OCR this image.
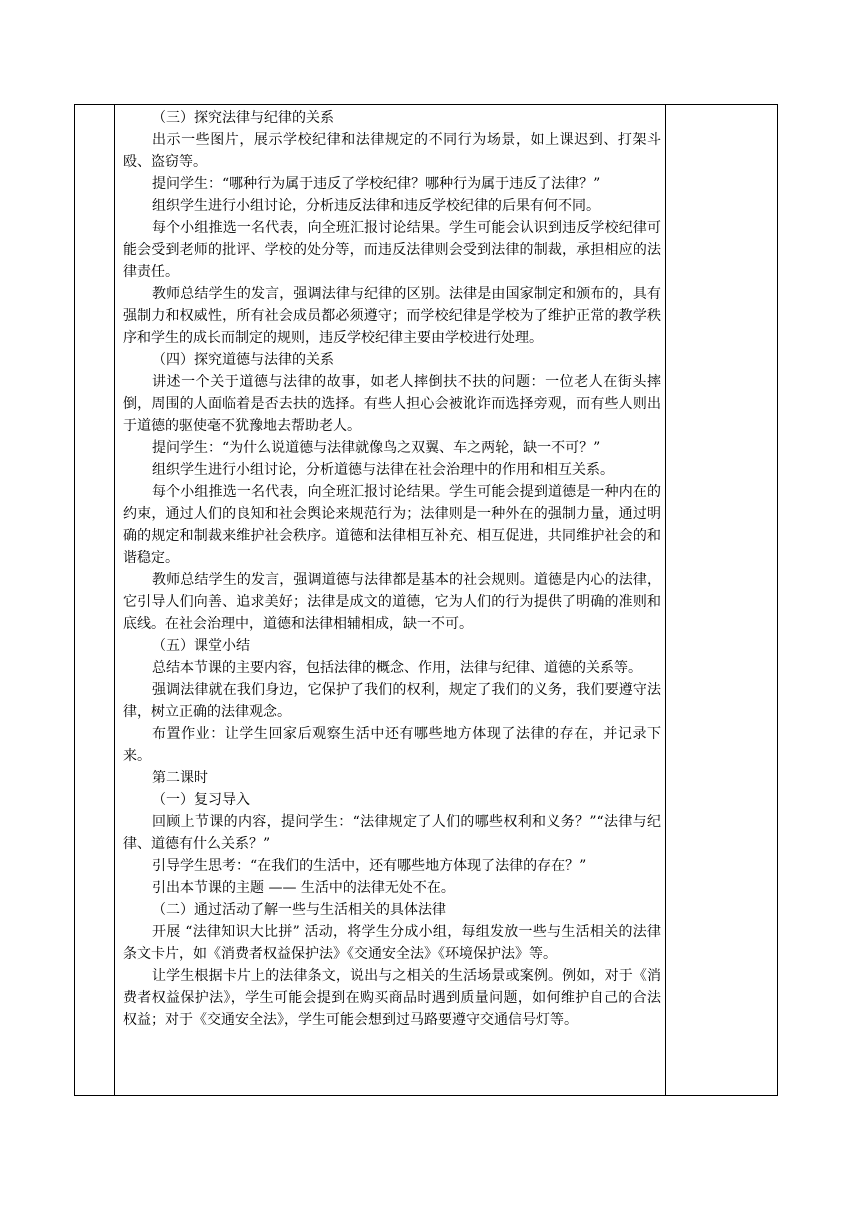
（三）探究法律与纪律的关系

出示一些图片，展示学校纪律和法律规定的不同行为场景，如上课迟到、打架斗殴、盗窃等。

提问学生：“哪种行为属于违反了学校纪律？哪种行为属于违反了法律？”

组织学生进行小组讨论，分析违反法律和违反学校纪律的后果有何不同。

每个小组推选一名代表，向全班汇报讨论结果。学生可能会认识到违反学校纪律可能会受到老师的批评、学校的处分等，而违反法律则会受到法律的制裁，承担相应的法律责任。

教师总结学生的发言，强调法律与纪律的区别。法律是由国家制定和颁布的，具有强制力和权威性，所有社会成员都必须遵守；而学校纪律是学校为了维护正常的教学秩序和学生的成长而制定的规则，违反学校纪律主要由学校进行处理。

（四）探究道德与法律的关系

讲述一个关于道德与法律的故事，如老人摔倒扶不扶的问题：一位老人在街头摔倒，周围的人面临着是否去扶的选择。有些人担心会被讹诈而选择旁观，而有些人则出于道德的驱使毫不犹豫地去帮助老人。

提问学生：“为什么说道德与法律就像鸟之双翼、车之两轮，缺一不可？”

组织学生进行小组讨论，分析道德与法律在社会治理中的作用和相互关系。

每个小组推选一名代表，向全班汇报讨论结果。学生可能会提到道德是一种内在的约束，通过人们的良知和社会舆论来规范行为；法律则是一种外在的强制力量，通过明确的规定和制裁来维护社会秩序。道德和法律相互补充、相互促进，共同维护社会的和谐稳定。

教师总结学生的发言，强调道德与法律都是基本的社会规则。道德是内心的法律，它引导人们向善、追求美好；法律是成文的道德，它为人们的行为提供了明确的准则和底线。在社会治理中，道德和法律相辅相成，缺一不可。

（五）课堂小结

总结本节课的主要内容，包括法律的概念、作用，法律与纪律、道德的关系等。

强调法律就在我们身边，它保护了我们的权利，规定了我们的义务，我们要遵守法律，树立正确的法律观念。

布置作业：让学生回家后观察生活中还有哪些地方体现了法律的存在，并记录下来。

第二课时

（一）复习导入

回顾上节课的内容，提问学生：“法律规定了人们的哪些权利和义务？”“法律与纪律、道德有什么关系？”

引导学生思考：“在我们的生活中，还有哪些地方体现了法律的存在？”

引出本节课的主题 —— 生活中的法律无处不在。

（二）通过活动了解一些与生活相关的具体法律

开展 “法律知识大比拼” 活动，将学生分成小组，每组发放一些与生活相关的法律条文卡片，如《消费者权益保护法》《交通安全法》《环境保护法》等。

让学生根据卡片上的法律条文，说出与之相关的生活场景或案例。例如，对于《消费者权益保护法》，学生可能会提到在购买商品时遇到质量问题，如何维护自己的合法权益；对于《交通安全法》，学生可能会想到过马路要遵守交通信号灯等。
